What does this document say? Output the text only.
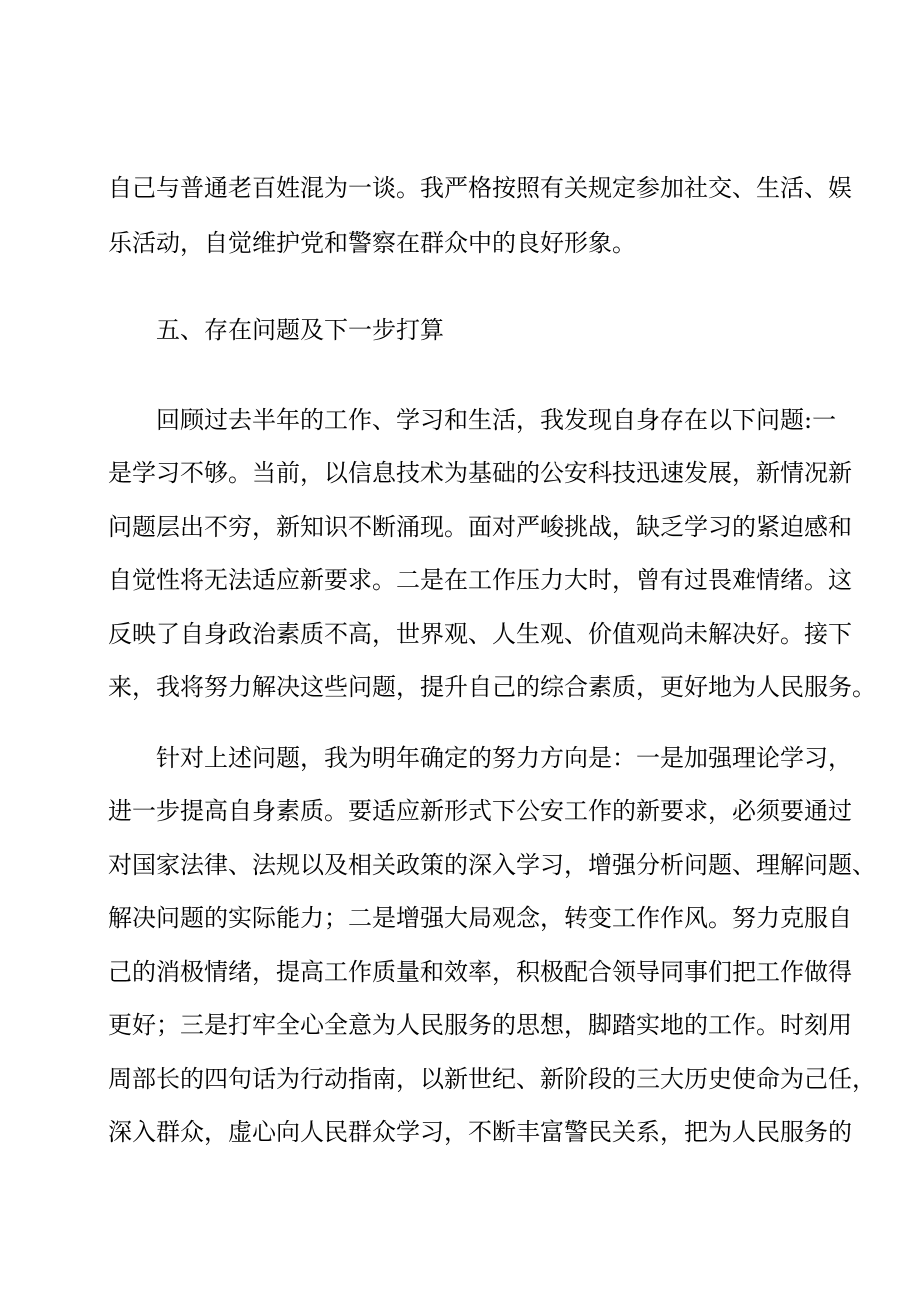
自己与普通老百姓混为一谈。我严格按照有关规定参加社交、生活、娱
乐活动，自觉维护党和警察在群众中的良好形象。
五、存在问题及下一步打算
回顾过去半年的工作、学习和生活，我发现自身存在以下问题:一
是学习不够。当前，以信息技术为基础的公安科技迅速发展，新情况新
问题层出不穷，新知识不断涌现。面对严峻挑战，缺乏学习的紧迫感和
自觉性将无法适应新要求。二是在工作压力大时，曾有过畏难情绪。这
反映了自身政治素质不高，世界观、人生观、价值观尚未解决好。接下
来，我将努力解决这些问题，提升自己的综合素质，更好地为人民服务。
针对上述问题，我为明年确定的努力方向是：一是加强理论学习，
进一步提高自身素质。要适应新形式下公安工作的新要求，必须要通过
对国家法律、法规以及相关政策的深入学习，增强分析问题、理解问题、
解决问题的实际能力；二是增强大局观念，转变工作作风。努力克服自
己的消极情绪，提高工作质量和效率，积极配合领导同事们把工作做得
更好；三是打牢全心全意为人民服务的思想，脚踏实地的工作。时刻用
周部长的四句话为行动指南，以新世纪、新阶段的三大历史使命为己任，
深入群众，虚心向人民群众学习，不断丰富警民关系，把为人民服务的
